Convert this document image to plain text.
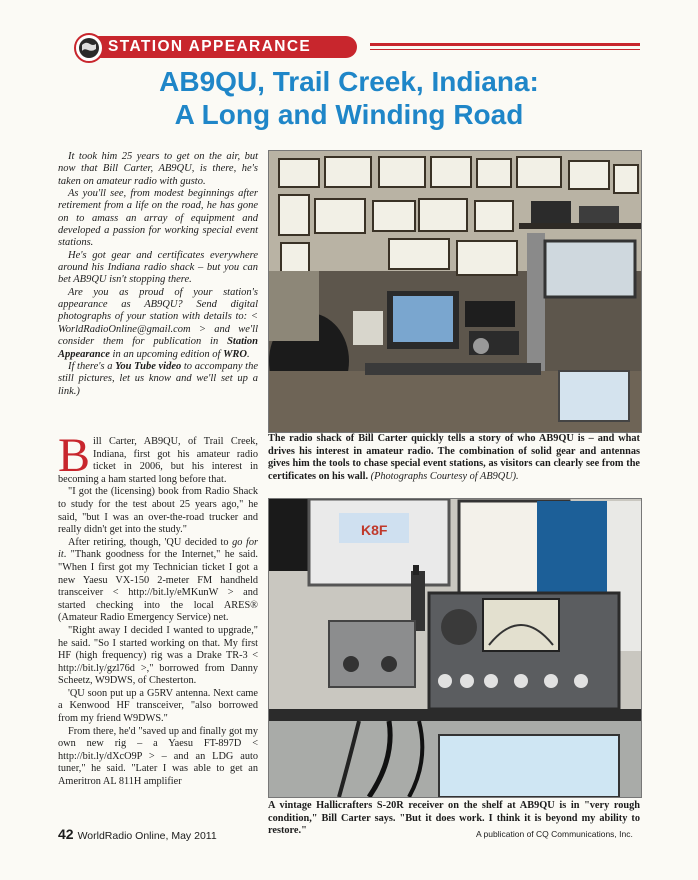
STATION APPEARANCE
AB9QU, Trail Creek, Indiana:
A Long and Winding Road

It took him 25 years to get on the air, but now that Bill Carter, AB9QU, is there, he's taken on amateur radio with gusto.

As you'll see, from modest beginnings after retirement from a life on the road, he has gone on to amass an array of equipment and developed a passion for working special event stations.

He's got gear and certificates everywhere around his Indiana radio shack – but you can bet AB9QU isn't stopping there.

Are you as proud of your station's appearance as AB9QU? Send digital photographs of your station with details to: < WorldRadioOnline@gmail.com > and we'll consider them for publication in Station Appearance in an upcoming edition of WRO.

If there's a You Tube video to accompany the still pictures, let us know and we'll set up a link.)

Bill Carter, AB9QU, of Trail Creek, Indiana, first got his amateur radio ticket in 2006, but his interest in becoming a ham started long before that.

"I got the (licensing) book from Radio Shack to study for the test about 25 years ago," he said, "but I was an over-the-road trucker and really didn't get into the study."

After retiring, though, 'QU decided to go for it. "Thank goodness for the Internet," he said. "When I first got my Technician ticket I got a new Yaesu VX-150 2-meter FM handheld transceiver < http://bit.ly/eMKunW > and started checking into the local ARES® (Amateur Radio Emergency Service) net.

"Right away I decided I wanted to upgrade," he said. "So I started working on that. My first HF (high frequency) rig was a Drake TR-3 < http://bit.ly/gzl76d >," borrowed from Danny Scheetz, W9DWS, of Chesterton.

'QU soon put up a G5RV antenna. Next came a Kenwood HF transceiver, "also borrowed from my friend W9DWS."

From there, he'd "saved up and finally got my own new rig – a Yaesu FT-897D < http://bit.ly/dXcO9P > – and an LDG auto tuner," he said. "Later I was able to get an Ameritron AL 811H amplifier

The radio shack of Bill Carter quickly tells a story of who AB9QU is – and what drives his interest in amateur radio. The combination of solid gear and antennas gives him the tools to chase special event stations, as visitors can clearly see from the certificates on his wall. (Photographs Courtesy of AB9QU).
K8F
A vintage Hallicrafters S-20R receiver on the shelf at AB9QU is in "very rough condition," Bill Carter says. "But it does work. I think it is beyond my ability to restore."
42 WorldRadio Online, May 2011	A publication of CQ Communications, Inc.
